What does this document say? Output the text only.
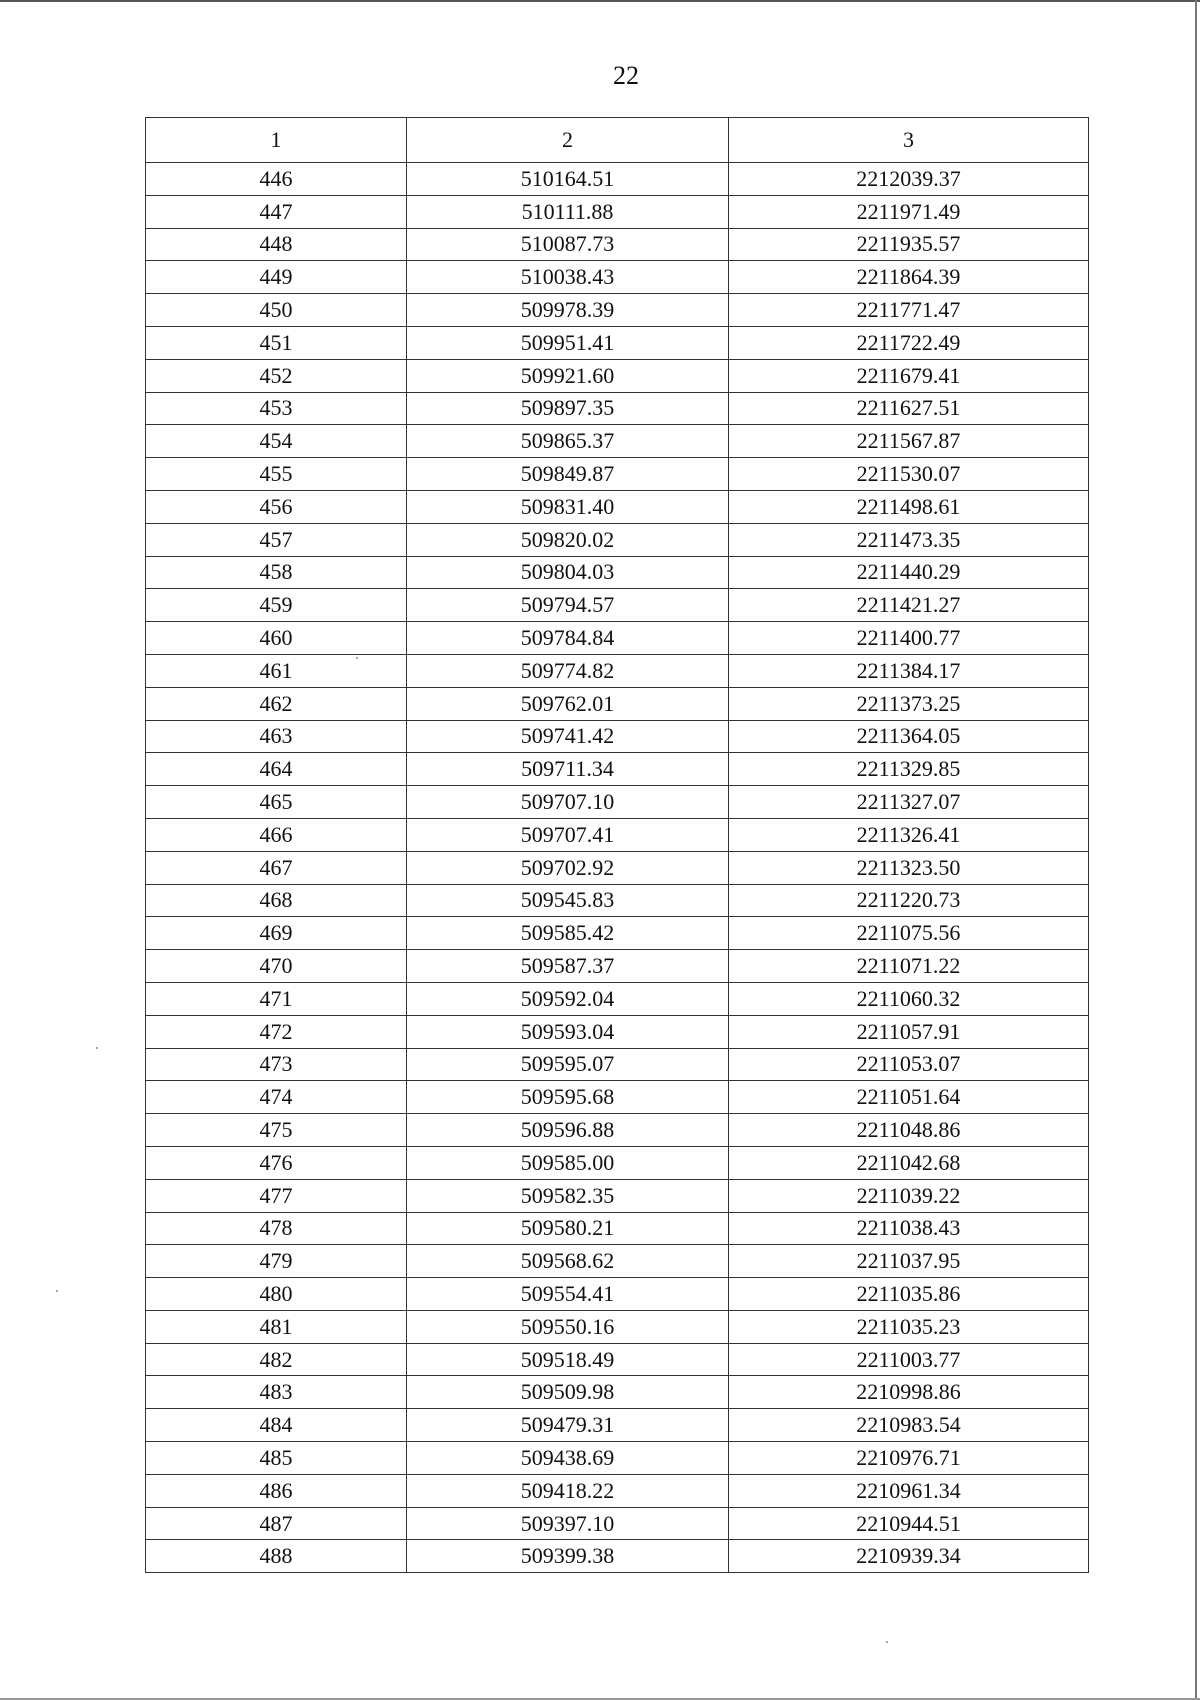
22
1	2	3
446	510164.51	2212039.37
447	510111.88	2211971.49
448	510087.73	2211935.57
449	510038.43	2211864.39
450	509978.39	2211771.47
451	509951.41	2211722.49
452	509921.60	2211679.41
453	509897.35	2211627.51
454	509865.37	2211567.87
455	509849.87	2211530.07
456	509831.40	2211498.61
457	509820.02	2211473.35
458	509804.03	2211440.29
459	509794.57	2211421.27
460	509784.84	2211400.77
461	509774.82	2211384.17
462	509762.01	2211373.25
463	509741.42	2211364.05
464	509711.34	2211329.85
465	509707.10	2211327.07
466	509707.41	2211326.41
467	509702.92	2211323.50
468	509545.83	2211220.73
469	509585.42	2211075.56
470	509587.37	2211071.22
471	509592.04	2211060.32
472	509593.04	2211057.91
473	509595.07	2211053.07
474	509595.68	2211051.64
475	509596.88	2211048.86
476	509585.00	2211042.68
477	509582.35	2211039.22
478	509580.21	2211038.43
479	509568.62	2211037.95
480	509554.41	2211035.86
481	509550.16	2211035.23
482	509518.49	2211003.77
483	509509.98	2210998.86
484	509479.31	2210983.54
485	509438.69	2210976.71
486	509418.22	2210961.34
487	509397.10	2210944.51
488	509399.38	2210939.34
